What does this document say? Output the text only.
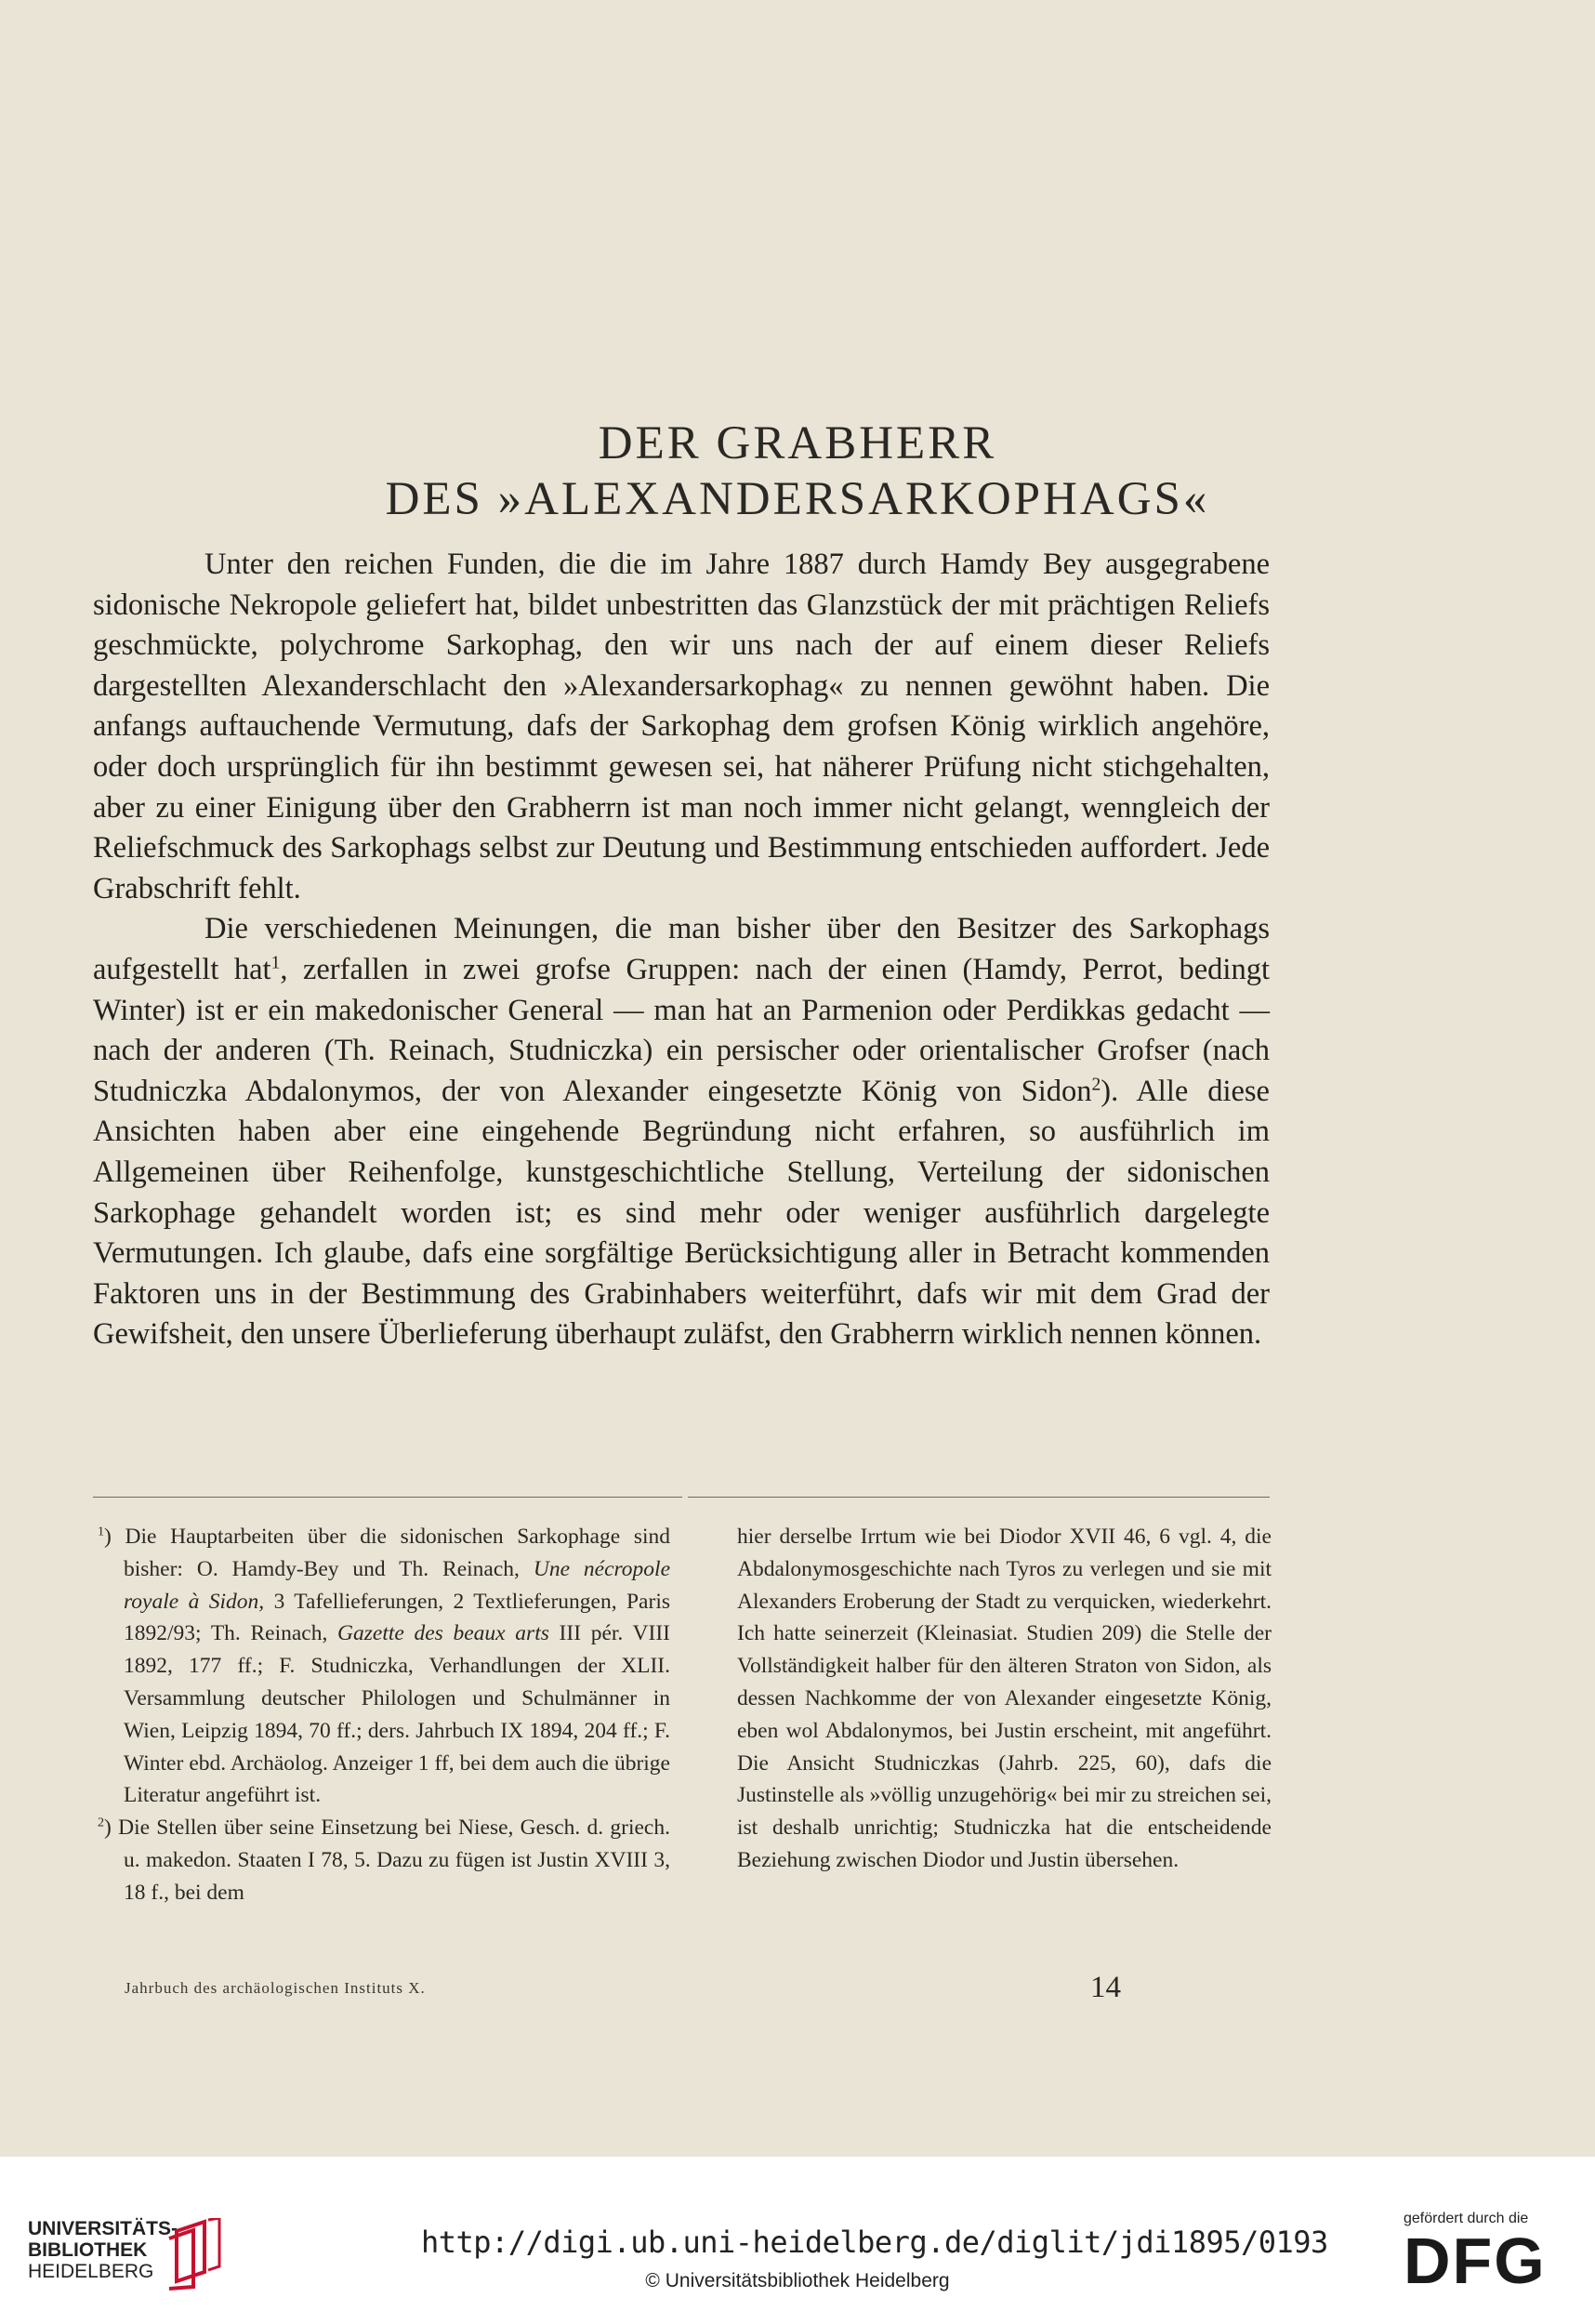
DER GRABHERR
DES »ALEXANDERSARKOPHAGS«

Unter den reichen Funden, die die im Jahre 1887 durch Hamdy Bey ausgegrabene sidonische Nekropole geliefert hat, bildet unbestritten das Glanzstück der mit prächtigen Reliefs geschmückte, polychrome Sarkophag, den wir uns nach der auf einem dieser Reliefs dargestellten Alexanderschlacht den »Alexandersarkophag« zu nennen gewöhnt haben. Die anfangs auftauchende Vermutung, dafs der Sarkophag dem grofsen König wirklich angehöre, oder doch ursprünglich für ihn bestimmt gewesen sei, hat näherer Prüfung nicht stichgehalten, aber zu einer Einigung über den Grabherrn ist man noch immer nicht gelangt, wenngleich der Reliefschmuck des Sarkophags selbst zur Deutung und Bestimmung entschieden auffordert. Jede Grabschrift fehlt.

Die verschiedenen Meinungen, die man bisher über den Besitzer des Sarkophags aufgestellt hat$^1$, zerfallen in zwei grofse Gruppen: nach der einen (Hamdy, Perrot, bedingt Winter) ist er ein makedonischer General — man hat an Parmenion oder Perdikkas gedacht — nach der anderen (Th. Reinach, Studniczka) ein persischer oder orientalischer Grofser (nach Studniczka Abdalonymos, der von Alexander eingesetzte König von Sidon$^2$). Alle diese Ansichten haben aber eine eingehende Begründung nicht erfahren, so ausführlich im Allgemeinen über Reihenfolge, kunstgeschichtliche Stellung, Verteilung der sidonischen Sarkophage gehandelt worden ist; es sind mehr oder weniger ausführlich dargelegte Vermutungen. Ich glaube, dafs eine sorgfältige Berücksichtigung aller in Betracht kommenden Faktoren uns in der Bestimmung des Grabinhabers weiterführt, dafs wir mit dem Grad der Gewifsheit, den unsere Überlieferung überhaupt zuläfst, den Grabherrn wirklich nennen können.

$^1$) Die Hauptarbeiten über die sidonischen Sarkophage sind bisher: O. Hamdy-Bey und Th. Reinach, Une nécropole royale à Sidon, 3 Tafellieferungen, 2 Textlieferungen, Paris 1892/93; Th. Reinach, Gazette des beaux arts III pér. VIII 1892, 177 ff.; F. Studniczka, Verhandlungen der XLII. Versammlung deutscher Philologen und Schulmänner in Wien, Leipzig 1894, 70 ff.; ders. Jahrbuch IX 1894, 204 ff.; F. Winter ebd. Archäolog. Anzeiger 1 ff, bei dem auch die übrige Literatur angeführt ist.

$^2$) Die Stellen über seine Einsetzung bei Niese, Gesch. d. griech. u. makedon. Staaten I 78, 5. Dazu zu fügen ist Justin XVIII 3, 18 f., bei dem

hier derselbe Irrtum wie bei Diodor XVII 46, 6 vgl. 4, die Abdalonymosgeschichte nach Tyros zu verlegen und sie mit Alexanders Eroberung der Stadt zu verquicken, wiederkehrt. Ich hatte seinerzeit (Kleinasiat. Studien 209) die Stelle der Vollständigkeit halber für den älteren Straton von Sidon, als dessen Nachkomme der von Alexander eingesetzte König, eben wol Abdalonymos, bei Justin erscheint, mit angeführt. Die Ansicht Studniczkas (Jahrb. 225, 60), dafs die Justinstelle als »völlig unzugehörig« bei mir zu streichen sei, ist deshalb unrichtig; Studniczka hat die entscheidende Beziehung zwischen Diodor und Justin übersehen.

Jahrbuch des archäologischen Instituts X.	14
UNIVERSITÄTS-
BIBLIOTHEK
HEIDELBERG
http://digi.ub.uni-heidelberg.de/diglit/jdi1895/0193
© Universitätsbibliothek Heidelberg
gefördert durch die
DFG
